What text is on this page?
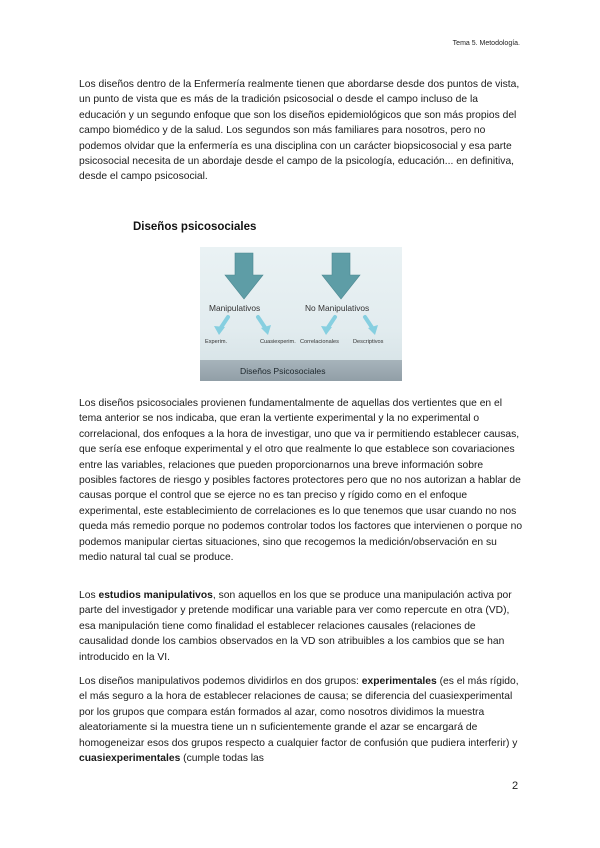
Tema 5. Metodología.

Los diseños dentro de la Enfermería realmente tienen que abordarse desde dos puntos de vista, un punto de vista que es más de la tradición psicosocial o desde el campo incluso de la educación y un segundo enfoque que son los diseños epidemiológicos que son más propios del campo biomédico y de la salud. Los segundos son más familiares para nosotros, pero no podemos olvidar que la enfermería es una disciplina con un carácter biopsicosocial y esa parte psicosocial necesita de un abordaje desde el campo de la psicología, educación... en definitiva, desde el campo psicosocial.

Diseños psicosociales
Manipulativos	No Manipulativos
Experim.	Cuasiexperim. Correlacionales	Descriptivos
Diseños Psicosociales

Los diseños psicosociales provienen fundamentalmente de aquellas dos vertientes que en el tema anterior se nos indicaba, que eran la vertiente experimental y la no experimental o correlacional, dos enfoques a la hora de investigar, uno que va ir permitiendo establecer causas, que sería ese enfoque experimental y el otro que realmente lo que establece son covariaciones entre las variables, relaciones que pueden proporcionarnos una breve información sobre posibles factores de riesgo y posibles factores protectores pero que no nos autorizan a hablar de causas porque el control que se ejerce no es tan preciso y rígido como en el enfoque experimental, este establecimiento de correlaciones es lo que tenemos que usar cuando no nos queda más remedio porque no podemos controlar todos los factores que intervienen o porque no podemos manipular ciertas situaciones, sino que recogemos la medición/observación en su medio natural tal cual se produce.

Los estudios manipulativos, son aquellos en los que se produce una manipulación activa por parte del investigador y pretende modificar una variable para ver como repercute en otra (VD), esa manipulación tiene como finalidad el establecer relaciones causales (relaciones de causalidad donde los cambios observados en la VD son atribuibles a los cambios que se han introducido en la VI.

Los diseños manipulativos podemos dividirlos en dos grupos: experimentales (es el más rígido, el más seguro a la hora de establecer relaciones de causa; se diferencia del cuasiexperimental por los grupos que compara están formados al azar, como nosotros dividimos la muestra aleatoriamente si la muestra tiene un n suficientemente grande el azar se encargará de homogeneizar esos dos grupos respecto a cualquier factor de confusión que pudiera interferir) y cuasiexperimentales (cumple todas las

2
